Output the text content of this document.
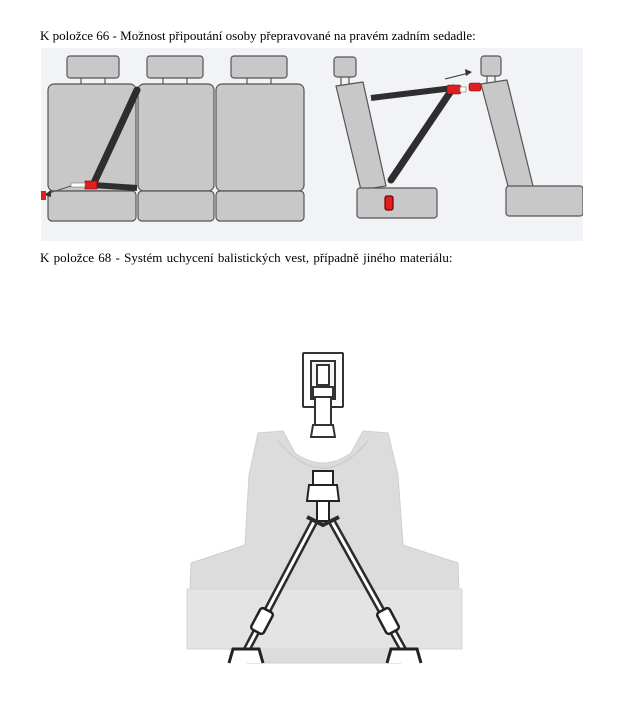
K položce 66 - Možnost připoutání osoby přepravované na pravém zadním sedadle:
K položce 68 - Systém uchycení balistických vest, případně jiného materiálu:
